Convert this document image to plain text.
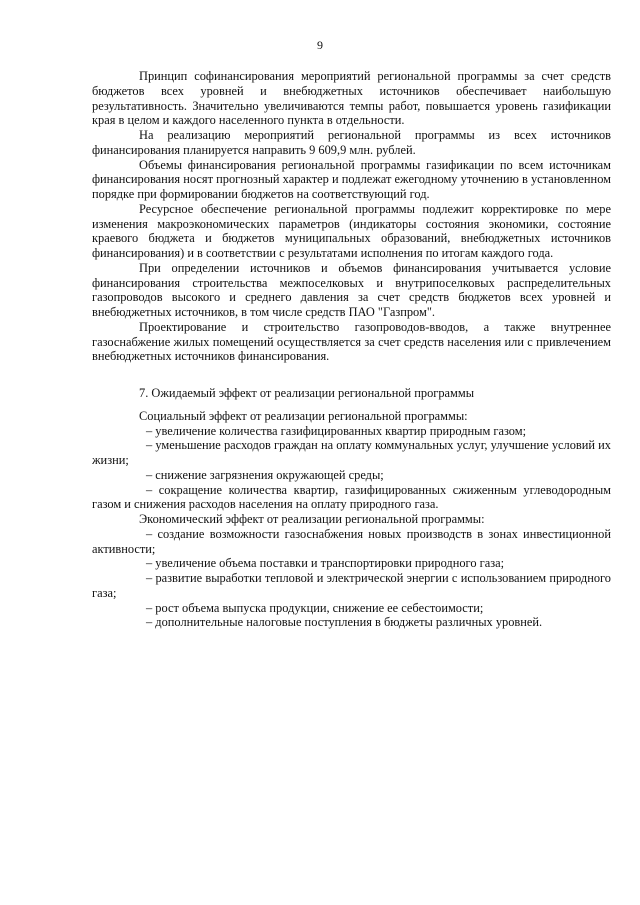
9

Принцип софинансирования мероприятий региональной программы за счет средств бюджетов всех уровней и внебюджетных источников обеспечивает наибольшую результативность. Значительно увеличиваются темпы работ, повышается уровень газификации края в целом и каждого населенного пункта в отдельности.

На реализацию мероприятий региональной программы из всех источников финансирования планируется направить 9 609,9 млн. рублей.

Объемы финансирования региональной программы газификации по всем источникам финансирования носят прогнозный характер и подлежат ежегодному уточнению в установленном порядке при формировании бюджетов на соответствующий год.

Ресурсное обеспечение региональной программы подлежит корректировке по мере изменения макроэкономических параметров (индикаторы состояния экономики, состояние краевого бюджета и бюджетов муниципальных образований, внебюджетных источников финансирования) и в соответствии с результатами исполнения по итогам каждого года.

При определении источников и объемов финансирования учитывается условие финансирования строительства межпоселковых и внутрипоселковых распределительных газопроводов высокого и среднего давления за счет средств бюджетов всех уровней и внебюджетных источников, в том числе средств ПАО "Газпром".

Проектирование и строительство газопроводов-вводов, а также внутреннее газоснабжение жилых помещений осуществляется за счет средств населения или с привлечением внебюджетных источников финансирования.

7. Ожидаемый эффект от реализации региональной программы

Социальный эффект от реализации региональной программы:

– увеличение количества газифицированных квартир природным газом;

– уменьшение расходов граждан на оплату коммунальных услуг, улучшение условий их жизни;

– снижение загрязнения окружающей среды;

– сокращение количества квартир, газифицированных сжиженным углеводородным газом и снижения расходов населения на оплату природного газа.

Экономический эффект от реализации региональной программы:

– создание возможности газоснабжения новых производств в зонах инвестиционной активности;

– увеличение объема поставки и транспортировки природного газа;

– развитие выработки тепловой и электрической энергии с использованием природного газа;

– рост объема выпуска продукции, снижение ее себестоимости;

– дополнительные налоговые поступления в бюджеты различных уровней.
